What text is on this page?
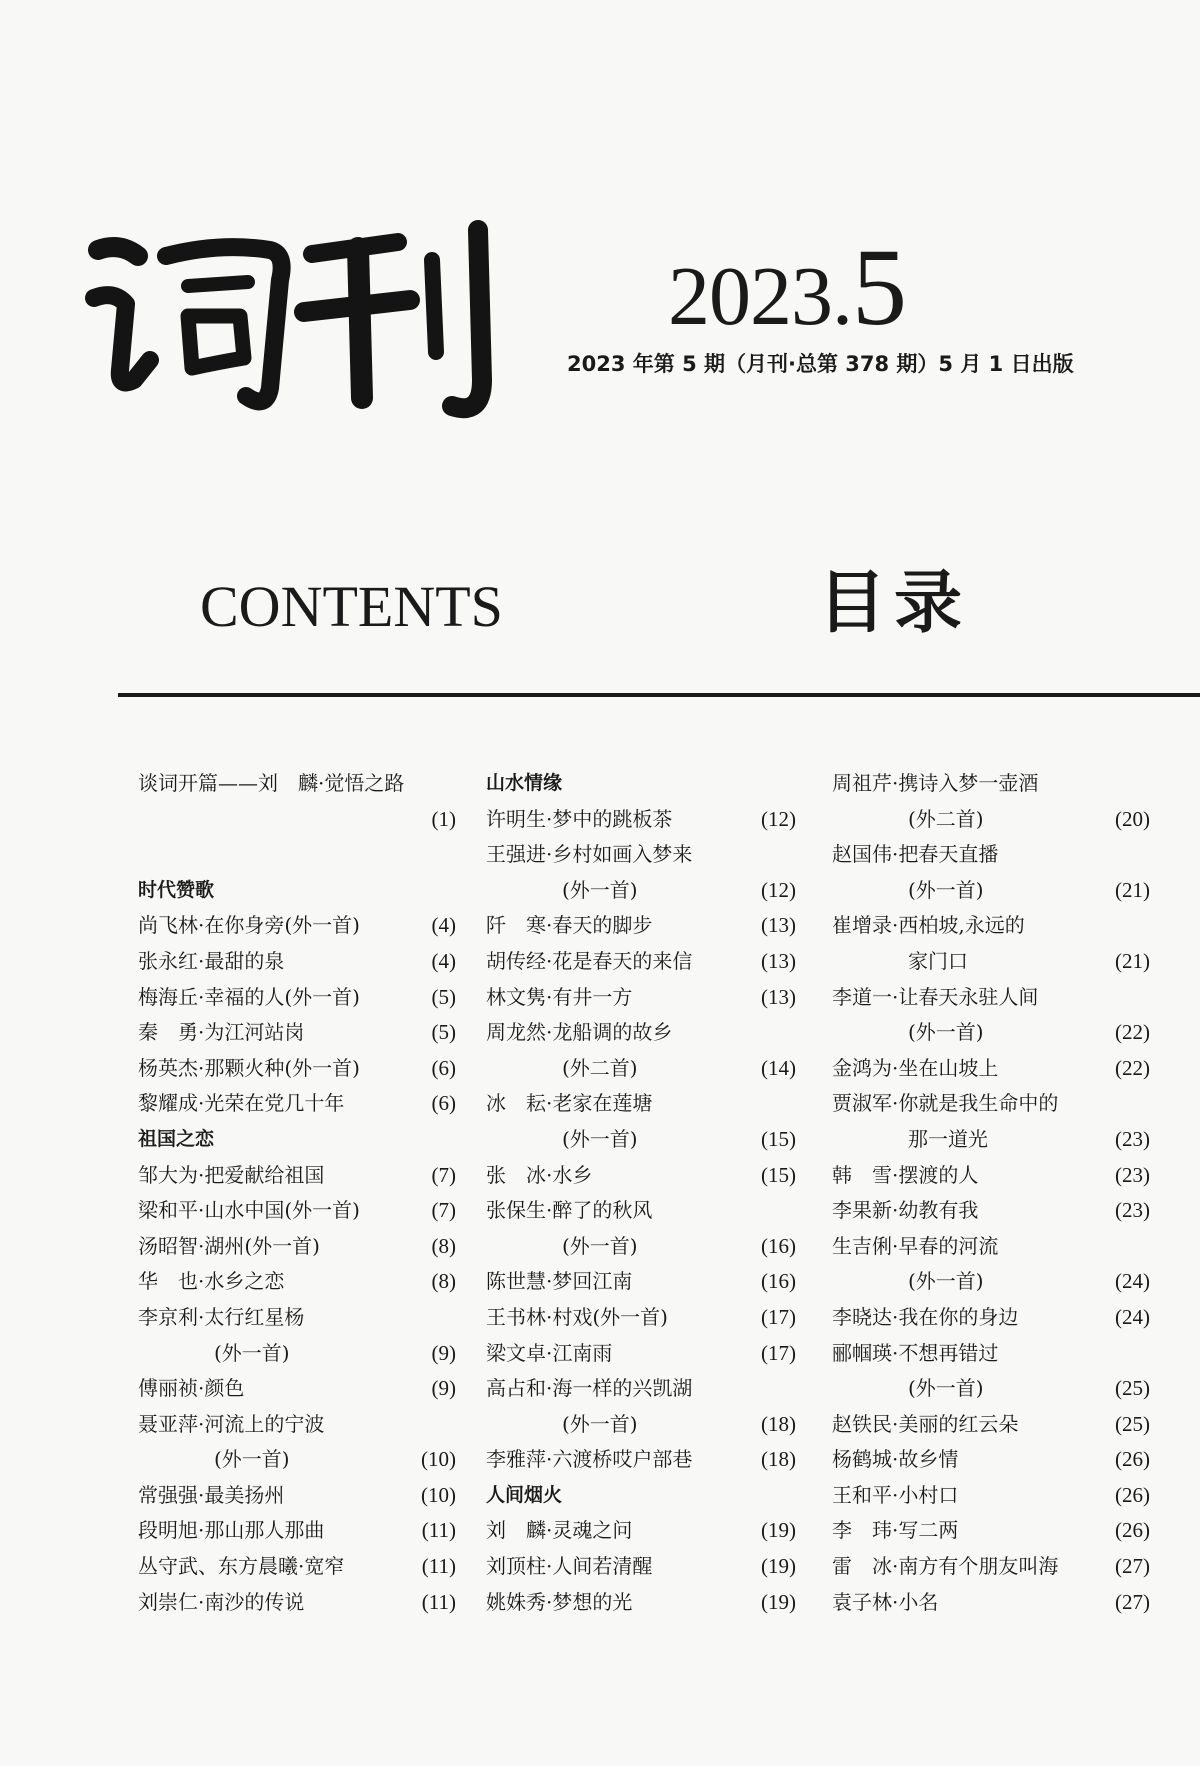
2023.5
2023 年第 5 期（月刊·总第 378 期）5 月 1 日出版
CONTENTS	目录
谈词开篇——刘　麟·觉悟之路
(1)
时代赞歌
尚飞林·在你身旁(外一首)	(4)
张永红·最甜的泉	(4)
梅海丘·幸福的人(外一首)	(5)
秦　勇·为江河站岗	(5)
杨英杰·那颗火种(外一首)	(6)
黎耀成·光荣在党几十年	(6)
祖国之恋
邹大为·把爱献给祖国	(7)
梁和平·山水中国(外一首)	(7)
汤昭智·湖州(外一首)	(8)
华　也·水乡之恋	(8)
李京利·太行红星杨
(外一首)	(9)
傅丽祯·颜色	(9)
聂亚萍·河流上的宁波
(外一首)	(10)
常强强·最美扬州	(10)
段明旭·那山那人那曲	(11)
丛守武、东方晨曦·宽窄	(11)
刘崇仁·南沙的传说	(11)
山水情缘
许明生·梦中的跳板茶	(12)
王强进·乡村如画入梦来
(外一首)	(12)
阡　寒·春天的脚步	(13)
胡传经·花是春天的来信	(13)
林文隽·有井一方	(13)
周龙然·龙船调的故乡
(外二首)	(14)
冰　耘·老家在莲塘
(外一首)	(15)
张　冰·水乡	(15)
张保生·醉了的秋风
(外一首)	(16)
陈世慧·梦回江南	(16)
王书林·村戏(外一首)	(17)
梁文卓·江南雨	(17)
高占和·海一样的兴凯湖
(外一首)	(18)
李雅萍·六渡桥哎户部巷	(18)
人间烟火
刘　麟·灵魂之问	(19)
刘顶柱·人间若清醒	(19)
姚姝秀·梦想的光	(19)
周祖芹·携诗入梦一壶酒
(外二首)	(20)
赵国伟·把春天直播
(外一首)	(21)
崔增录·西柏坡,永远的
家门口	(21)
李道一·让春天永驻人间
(外一首)	(22)
金鸿为·坐在山坡上	(22)
贾淑军·你就是我生命中的
那一道光	(23)
韩　雪·摆渡的人	(23)
李果新·幼教有我	(23)
生吉俐·早春的河流
(外一首)	(24)
李晓达·我在你的身边	(24)
郦帼瑛·不想再错过
(外一首)	(25)
赵铁民·美丽的红云朵	(25)
杨鹤城·故乡情	(26)
王和平·小村口	(26)
李　玮·写二两	(26)
雷　冰·南方有个朋友叫海	(27)
袁子林·小名	(27)
